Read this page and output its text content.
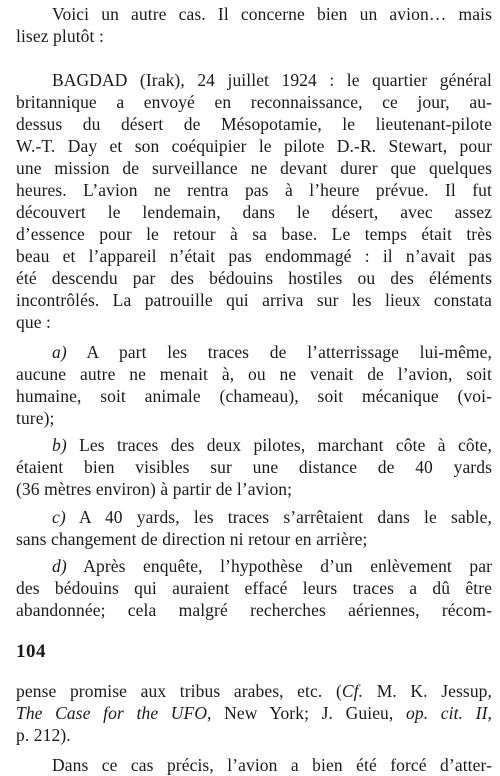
Voici un autre cas. Il concerne bien un avion… mais
lisez plutôt :
BAGDAD (Irak), 24 juillet 1924 : le quartier général
britannique a envoyé en reconnaissance, ce jour, au-
dessus du désert de Mésopotamie, le lieutenant-pilote
W.-T. Day et son coéquipier le pilote D.-R. Stewart, pour
une mission de surveillance ne devant durer que quelques
heures. L’avion ne rentra pas à l’heure prévue. Il fut
découvert le lendemain, dans le désert, avec assez
d’essence pour le retour à sa base. Le temps était très
beau et l’appareil n’était pas endommagé : il n’avait pas
été descendu par des bédouins hostiles ou des éléments
incontrôlés. La patrouille qui arriva sur les lieux constata
que :
a) A part les traces de l’atterrissage lui-même,
aucune autre ne menait à, ou ne venait de l’avion, soit
humaine, soit animale (chameau), soit mécanique (voi-
ture);
b) Les traces des deux pilotes, marchant côte à côte,
étaient bien visibles sur une distance de 40 yards
(36 mètres environ) à partir de l’avion;
c) A 40 yards, les traces s’arrêtaient dans le sable,
sans changement de direction ni retour en arrière;
d) Après enquête, l’hypothèse d’un enlèvement par
des bédouins qui auraient effacé leurs traces a dû être
abandonnée; cela malgré recherches aériennes, récom-
104
pense promise aux tribus arabes, etc. (Cf. M. K. Jessup,
The Case for the UFO, New York; J. Guieu, op. cit. II,
p. 212).
Dans ce cas précis, l’avion a bien été forcé d’atter-
